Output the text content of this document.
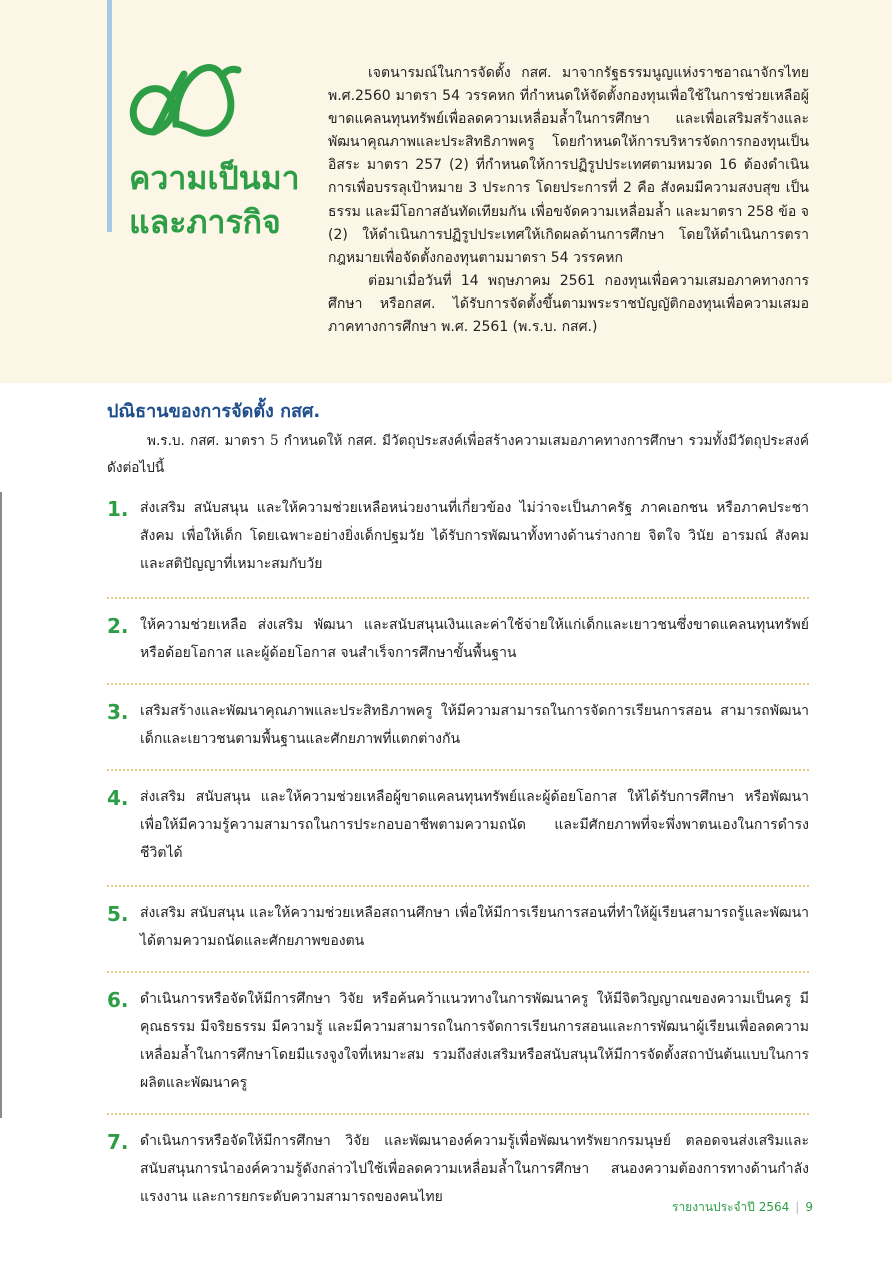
ความเป็นมา
และภารกิจ

เจตนารมณ์ในการจัดตั้ง กสศ. มาจากรัฐธรรมนูญแห่งราชอาณาจักรไทย พ.ศ.2560 มาตรา 54 วรรคหก ที่กำหนดให้จัดตั้งกองทุนเพื่อใช้ในการช่วยเหลือผู้ขาดแคลนทุนทรัพย์เพื่อลดความเหลื่อมล้ำในการศึกษา และเพื่อเสริมสร้างและพัฒนาคุณภาพและประสิทธิภาพครู โดยกำหนดให้การบริหารจัดการกองทุนเป็นอิสระ มาตรา 257 (2) ที่กำหนดให้การปฏิรูปประเทศตามหมวด 16 ต้องดำเนินการเพื่อบรรลุเป้าหมาย 3 ประการ โดยประการที่ 2 คือ สังคมมีความสงบสุข เป็นธรรม และมีโอกาสอันทัดเทียมกัน เพื่อขจัดความเหลื่อมล้ำ และมาตรา 258 ข้อ จ (2) ให้ดำเนินการปฏิรูปประเทศให้เกิดผลด้านการศึกษา โดยให้ดำเนินการตรากฎหมายเพื่อจัดตั้งกองทุนตามมาตรา 54 วรรคหก

ต่อมาเมื่อวันที่ 14 พฤษภาคม 2561 กองทุนเพื่อความเสมอภาคทางการศึกษา หรือกสศ. ได้รับการจัดตั้งขึ้นตามพระราชบัญญัติกองทุนเพื่อความเสมอภาคทางการศึกษา พ.ศ. 2561 (พ.ร.บ. กสศ.)

ปณิธานของการจัดตั้ง กสศ.
พ.ร.บ. กสศ. มาตรา 5 กำหนดให้ กสศ. มีวัตถุประสงค์เพื่อสร้างความเสมอภาคทางการศึกษา รวมทั้งมีวัตถุประสงค์ดังต่อไปนี้
1. ส่งเสริม สนับสนุน และให้ความช่วยเหลือหน่วยงานที่เกี่ยวข้อง ไม่ว่าจะเป็นภาครัฐ ภาคเอกชน หรือภาคประชาสังคม เพื่อให้เด็ก โดยเฉพาะอย่างยิ่งเด็กปฐมวัย ได้รับการพัฒนาทั้งทางด้านร่างกาย จิตใจ วินัย อารมณ์ สังคม และสติปัญญาที่เหมาะสมกับวัย
2. ให้ความช่วยเหลือ ส่งเสริม พัฒนา และสนับสนุนเงินและค่าใช้จ่ายให้แก่เด็กและเยาวชนซึ่งขาดแคลนทุนทรัพย์หรือด้อยโอกาส และผู้ด้อยโอกาส จนสำเร็จการศึกษาขั้นพื้นฐาน
3. เสริมสร้างและพัฒนาคุณภาพและประสิทธิภาพครู ให้มีความสามารถในการจัดการเรียนการสอน สามารถพัฒนาเด็กและเยาวชนตามพื้นฐานและศักยภาพที่แตกต่างกัน
4. ส่งเสริม สนับสนุน และให้ความช่วยเหลือผู้ขาดแคลนทุนทรัพย์และผู้ด้อยโอกาส ให้ได้รับการศึกษา หรือพัฒนา เพื่อให้มีความรู้ความสามารถในการประกอบอาชีพตามความถนัด และมีศักยภาพที่จะพึ่งพาตนเองในการดำรงชีวิตได้
5. ส่งเสริม สนับสนุน และให้ความช่วยเหลือสถานศึกษา เพื่อให้มีการเรียนการสอนที่ทำให้ผู้เรียนสามารถรู้และพัฒนาได้ตามความถนัดและศักยภาพของตน
6. ดำเนินการหรือจัดให้มีการศึกษา วิจัย หรือค้นคว้าแนวทางในการพัฒนาครู ให้มีจิตวิญญาณของความเป็นครู มีคุณธรรม มีจริยธรรม มีความรู้ และมีความสามารถในการจัดการเรียนการสอนและการพัฒนาผู้เรียนเพื่อลดความเหลื่อมล้ำในการศึกษาโดยมีแรงจูงใจที่เหมาะสม รวมถึงส่งเสริมหรือสนับสนุนให้มีการจัดตั้งสถาบันต้นแบบในการผลิตและพัฒนาครู
7. ดำเนินการหรือจัดให้มีการศึกษา วิจัย และพัฒนาองค์ความรู้เพื่อพัฒนาทรัพยากรมนุษย์ ตลอดจนส่งเสริมและสนับสนุนการนำองค์ความรู้ดังกล่าวไปใช้เพื่อลดความเหลื่อมล้ำในการศึกษา สนองความต้องการทางด้านกำลังแรงงาน และการยกระดับความสามารถของคนไทย
รายงานประจำปี 2564 | 9
